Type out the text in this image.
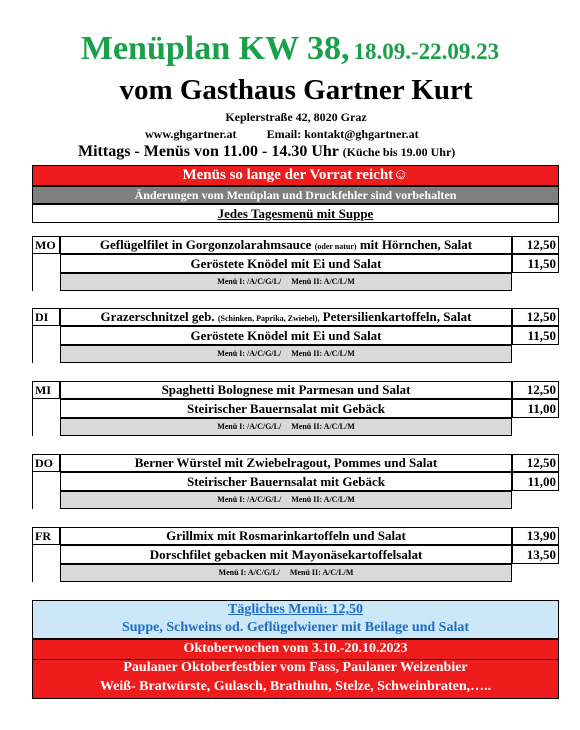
Menüplan KW 38, 18.09.-22.09.23
vom Gasthaus Gartner Kurt
Keplerstraße 42, 8020 Graz
www.ghgartner.at	Email: kontakt@ghgartner.at
Mittags - Menüs von 11.00 - 14.30 Uhr (Küche bis 19.00 Uhr)
Menüs so lange der Vorrat reicht☺
Änderungen vom Menüplan und Druckfehler sind vorbehalten
Jedes Tagesmenü mit Suppe
MO	Geflügelfilet in Gorgonzolarahmsauce (oder natur) mit Hörnchen, Salat	12,50
Geröstete Knödel mit Ei und Salat	11,50
Menü I: /A/C/G/L/ Menü II: A/C/L/M
DI	Grazerschnitzel geb. (Schinken, Paprika, Zwiebel), Petersilienkartoffeln, Salat	12,50
Geröstete Knödel mit Ei und Salat	11,50
Menü I: /A/C/G/L/ Menü II: A/C/L/M
MI	Spaghetti Bolognese mit Parmesan und Salat	12,50
Steirischer Bauernsalat mit Gebäck	11,00
Menü I: /A/C/G/L/ Menü II: A/C/L/M
DO	Berner Würstel mit Zwiebelragout, Pommes und Salat	12,50
Steirischer Bauernsalat mit Gebäck	11,00
Menü I: /A/C/G/L/ Menü II: A/C/L/M
FR	Grillmix mit Rosmarinkartoffeln und Salat	13,90
Dorschfilet gebacken mit Mayonäsekartoffelsalat	13,50
Menü I: A/C/G/L/ Menü II: A/C/L/M
Tägliches Menü: 12,50
Suppe, Schweins od. Geflügelwiener mit Beilage und Salat
Oktoberwochen vom 3.10.-20.10.2023
Paulaner Oktoberfestbier vom Fass, Paulaner Weizenbier
Weiß- Bratwürste, Gulasch, Brathuhn, Stelze, Schweinbraten,…..
